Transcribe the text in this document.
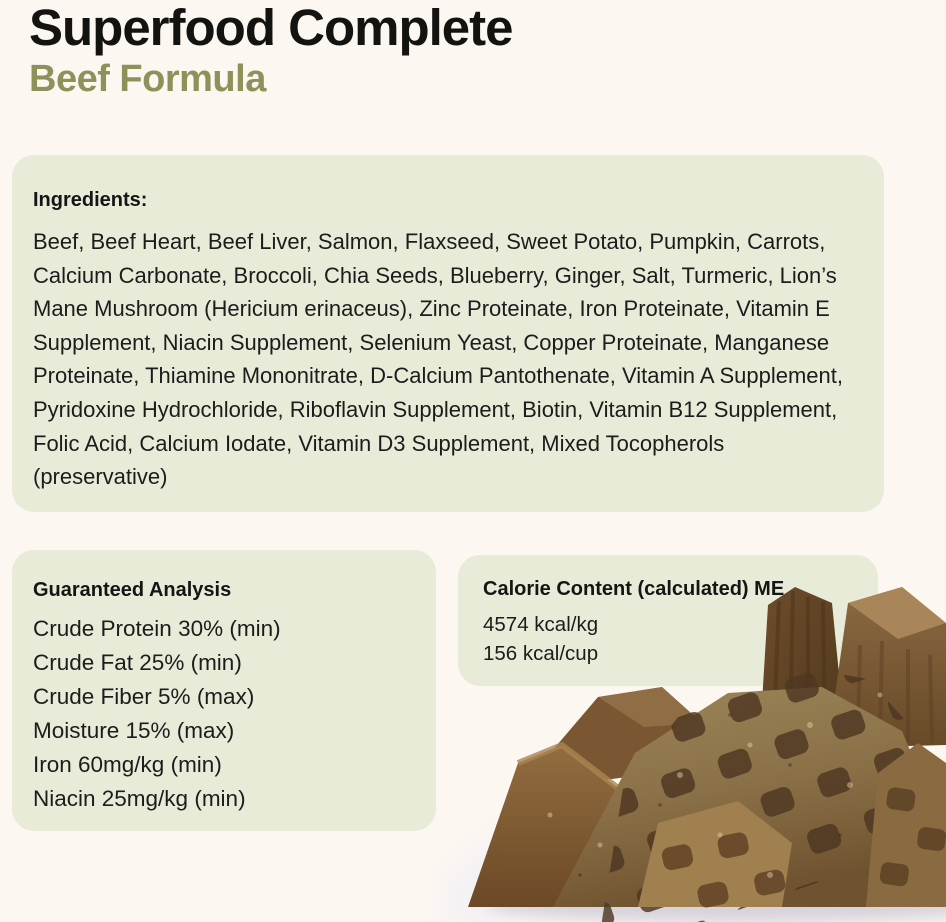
Superfood Complete
Beef Formula
Ingredients:

Beef, Beef Heart, Beef Liver, Salmon, Flaxseed, Sweet Potato, Pumpkin, Carrots, Calcium Carbonate, Broccoli, Chia Seeds, Blueberry, Ginger, Salt, Turmeric, Lion’s Mane Mushroom (Hericium erinaceus), Zinc Proteinate, Iron Proteinate, Vitamin E Supplement, Niacin Supplement, Selenium Yeast, Copper Proteinate, Manganese Proteinate, Thiamine Mononitrate, D-Calcium Pantothenate, Vitamin A Supplement, Pyridoxine Hydrochloride, Riboflavin Supplement, Biotin, Vitamin B12 Supplement, Folic Acid, Calcium Iodate, Vitamin D3 Supplement, Mixed Tocopherols (preservative)

Guaranteed Analysis
Crude Protein 30% (min)
Crude Fat 25% (min)
Crude Fiber 5% (max)
Moisture 15% (max)
Iron 60mg/kg (min)
Niacin 25mg/kg (min)
Calorie Content (calculated) ME
4574 kcal/kg
156 kcal/cup
